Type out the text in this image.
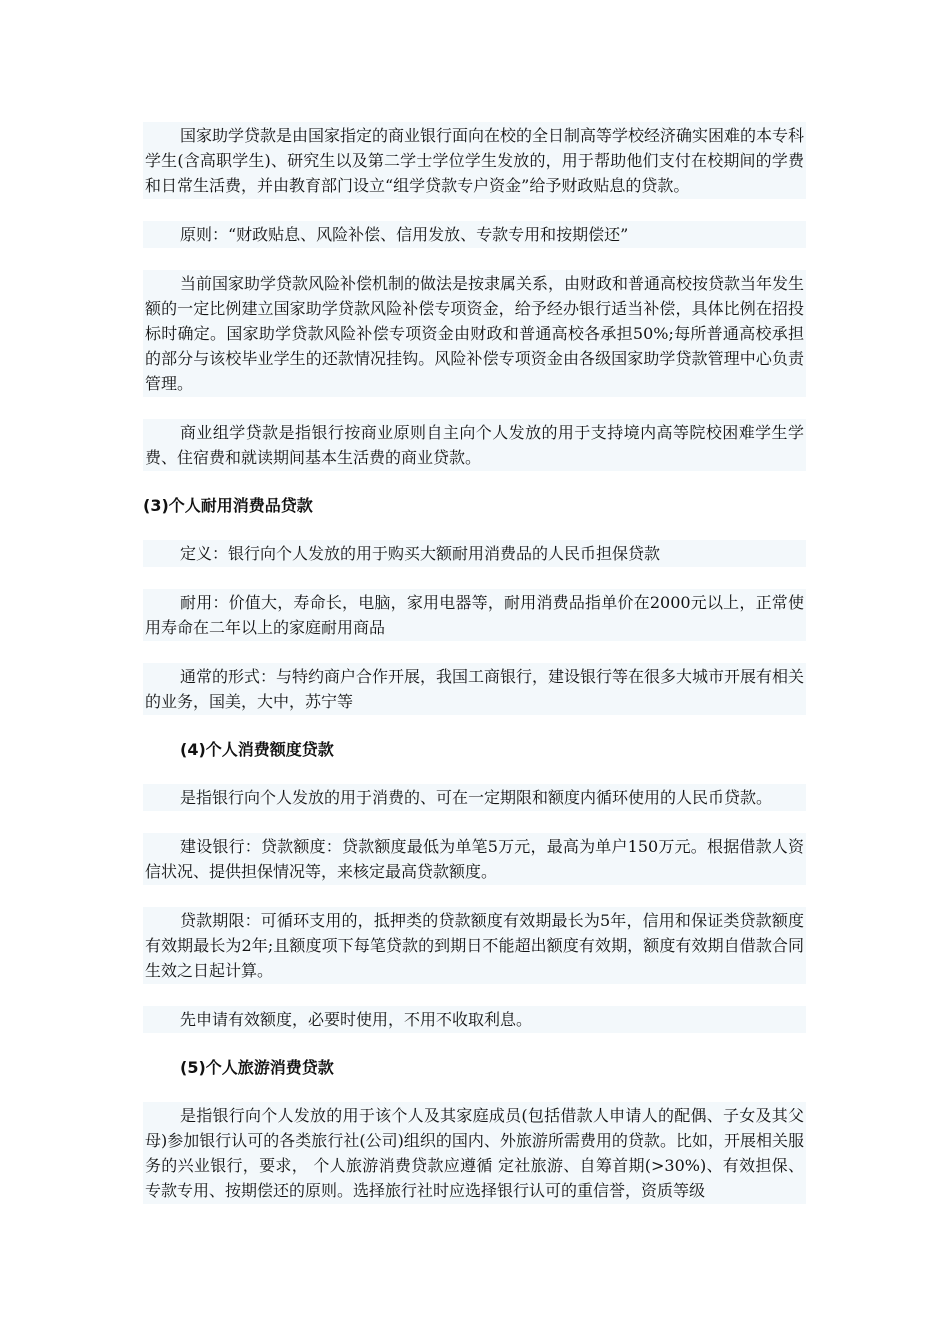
国家助学贷款是由国家指定的商业银行面向在校的全日制高等学校经济确实困难的本专科学生(含高职学生)、研究生以及第二学士学位学生发放的，用于帮助他们支付在校期间的学费和日常生活费，并由教育部门设立“组学贷款专户资金”给予财政贴息的贷款。
原则：“财政贴息、风险补偿、信用发放、专款专用和按期偿还”
当前国家助学贷款风险补偿机制的做法是按隶属关系，由财政和普通高校按贷款当年发生额的一定比例建立国家助学贷款风险补偿专项资金，给予经办银行适当补偿，具体比例在招投标时确定。国家助学贷款风险补偿专项资金由财政和普通高校各承担50%;每所普通高校承担的部分与该校毕业学生的还款情况挂钩。风险补偿专项资金由各级国家助学贷款管理中心负责管理。
商业组学贷款是指银行按商业原则自主向个人发放的用于支持境内高等院校困难学生学费、住宿费和就读期间基本生活费的商业贷款。
(3)个人耐用消费品贷款
定义：银行向个人发放的用于购买大额耐用消费品的人民币担保贷款
耐用：价值大，寿命长，电脑，家用电器等，耐用消费品指单价在2000元以上，正常使用寿命在二年以上的家庭耐用商品
通常的形式：与特约商户合作开展，我国工商银行，建设银行等在很多大城市开展有相关的业务，国美，大中，苏宁等
(4)个人消费额度贷款
是指银行向个人发放的用于消费的、可在一定期限和额度内循环使用的人民币贷款。
建设银行：贷款额度：贷款额度最低为单笔5万元，最高为单户150万元。根据借款人资信状况、提供担保情况等，来核定最高贷款额度。
贷款期限：可循环支用的，抵押类的贷款额度有效期最长为5年，信用和保证类贷款额度有效期最长为2年;且额度项下每笔贷款的到期日不能超出额度有效期，额度有效期自借款合同生效之日起计算。
先申请有效额度，必要时使用，不用不收取利息。
(5)个人旅游消费贷款
是指银行向个人发放的用于该个人及其家庭成员(包括借款人申请人的配偶、子女及其父母)参加银行认可的各类旅行社(公司)组织的国内、外旅游所需费用的贷款。比如，开展相关服务的兴业银行，要求， 个人旅游消费贷款应遵循 定社旅游、自筹首期(>30%)、有效担保、专款专用、按期偿还的原则。选择旅行社时应选择银行认可的重信誉，资质等级
